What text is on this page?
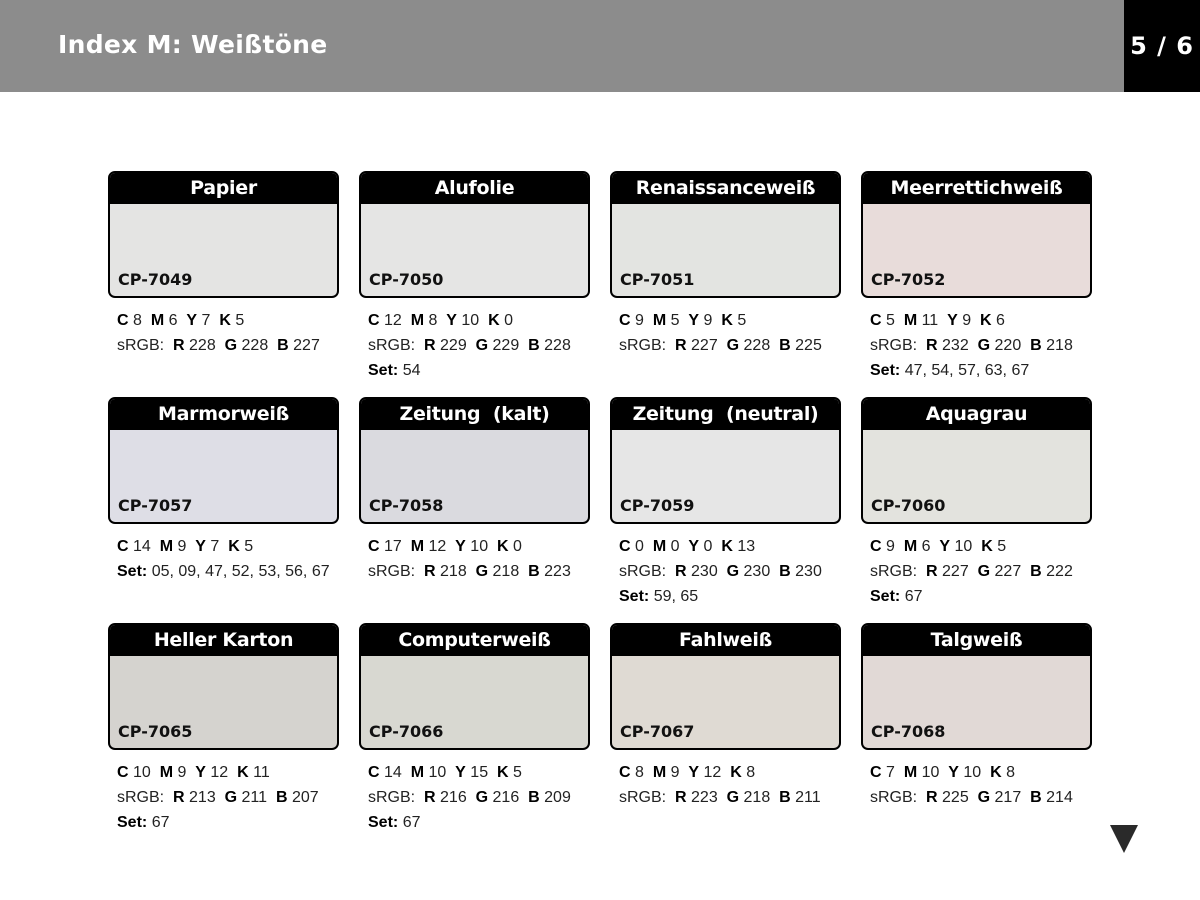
Index M: Weißtöne	5 / 6
Papier
CP-7049
C 8 M 6 Y 7 K 5
sRGB: R 228 G 228 B 227
Alufolie
CP-7050
C 12 M 8 Y 10 K 0
sRGB: R 229 G 229 B 228
Set: 54
Renaissanceweiß
CP-7051
C 9 M 5 Y 9 K 5
sRGB: R 227 G 228 B 225
Meerrettichweiß
CP-7052
C 5 M 11 Y 9 K 6
sRGB: R 232 G 220 B 218
Set: 47, 54, 57, 63, 67
Marmorweiß
CP-7057
C 14 M 9 Y 7 K 5
Set: 05, 09, 47, 52, 53, 56, 67
Zeitung  (kalt)
CP-7058
C 17 M 12 Y 10 K 0
sRGB: R 218 G 218 B 223
Zeitung  (neutral)
CP-7059
C 0 M 0 Y 0 K 13
sRGB: R 230 G 230 B 230
Set: 59, 65
Aquagrau
CP-7060
C 9 M 6 Y 10 K 5
sRGB: R 227 G 227 B 222
Set: 67
Heller Karton
CP-7065
C 10 M 9 Y 12 K 11
sRGB: R 213 G 211 B 207
Set: 67
Computerweiß
CP-7066
C 14 M 10 Y 15 K 5
sRGB: R 216 G 216 B 209
Set: 67
Fahlweiß
CP-7067
C 8 M 9 Y 12 K 8
sRGB: R 223 G 218 B 211
Talgweiß
CP-7068
C 7 M 10 Y 10 K 8
sRGB: R 225 G 217 B 214
